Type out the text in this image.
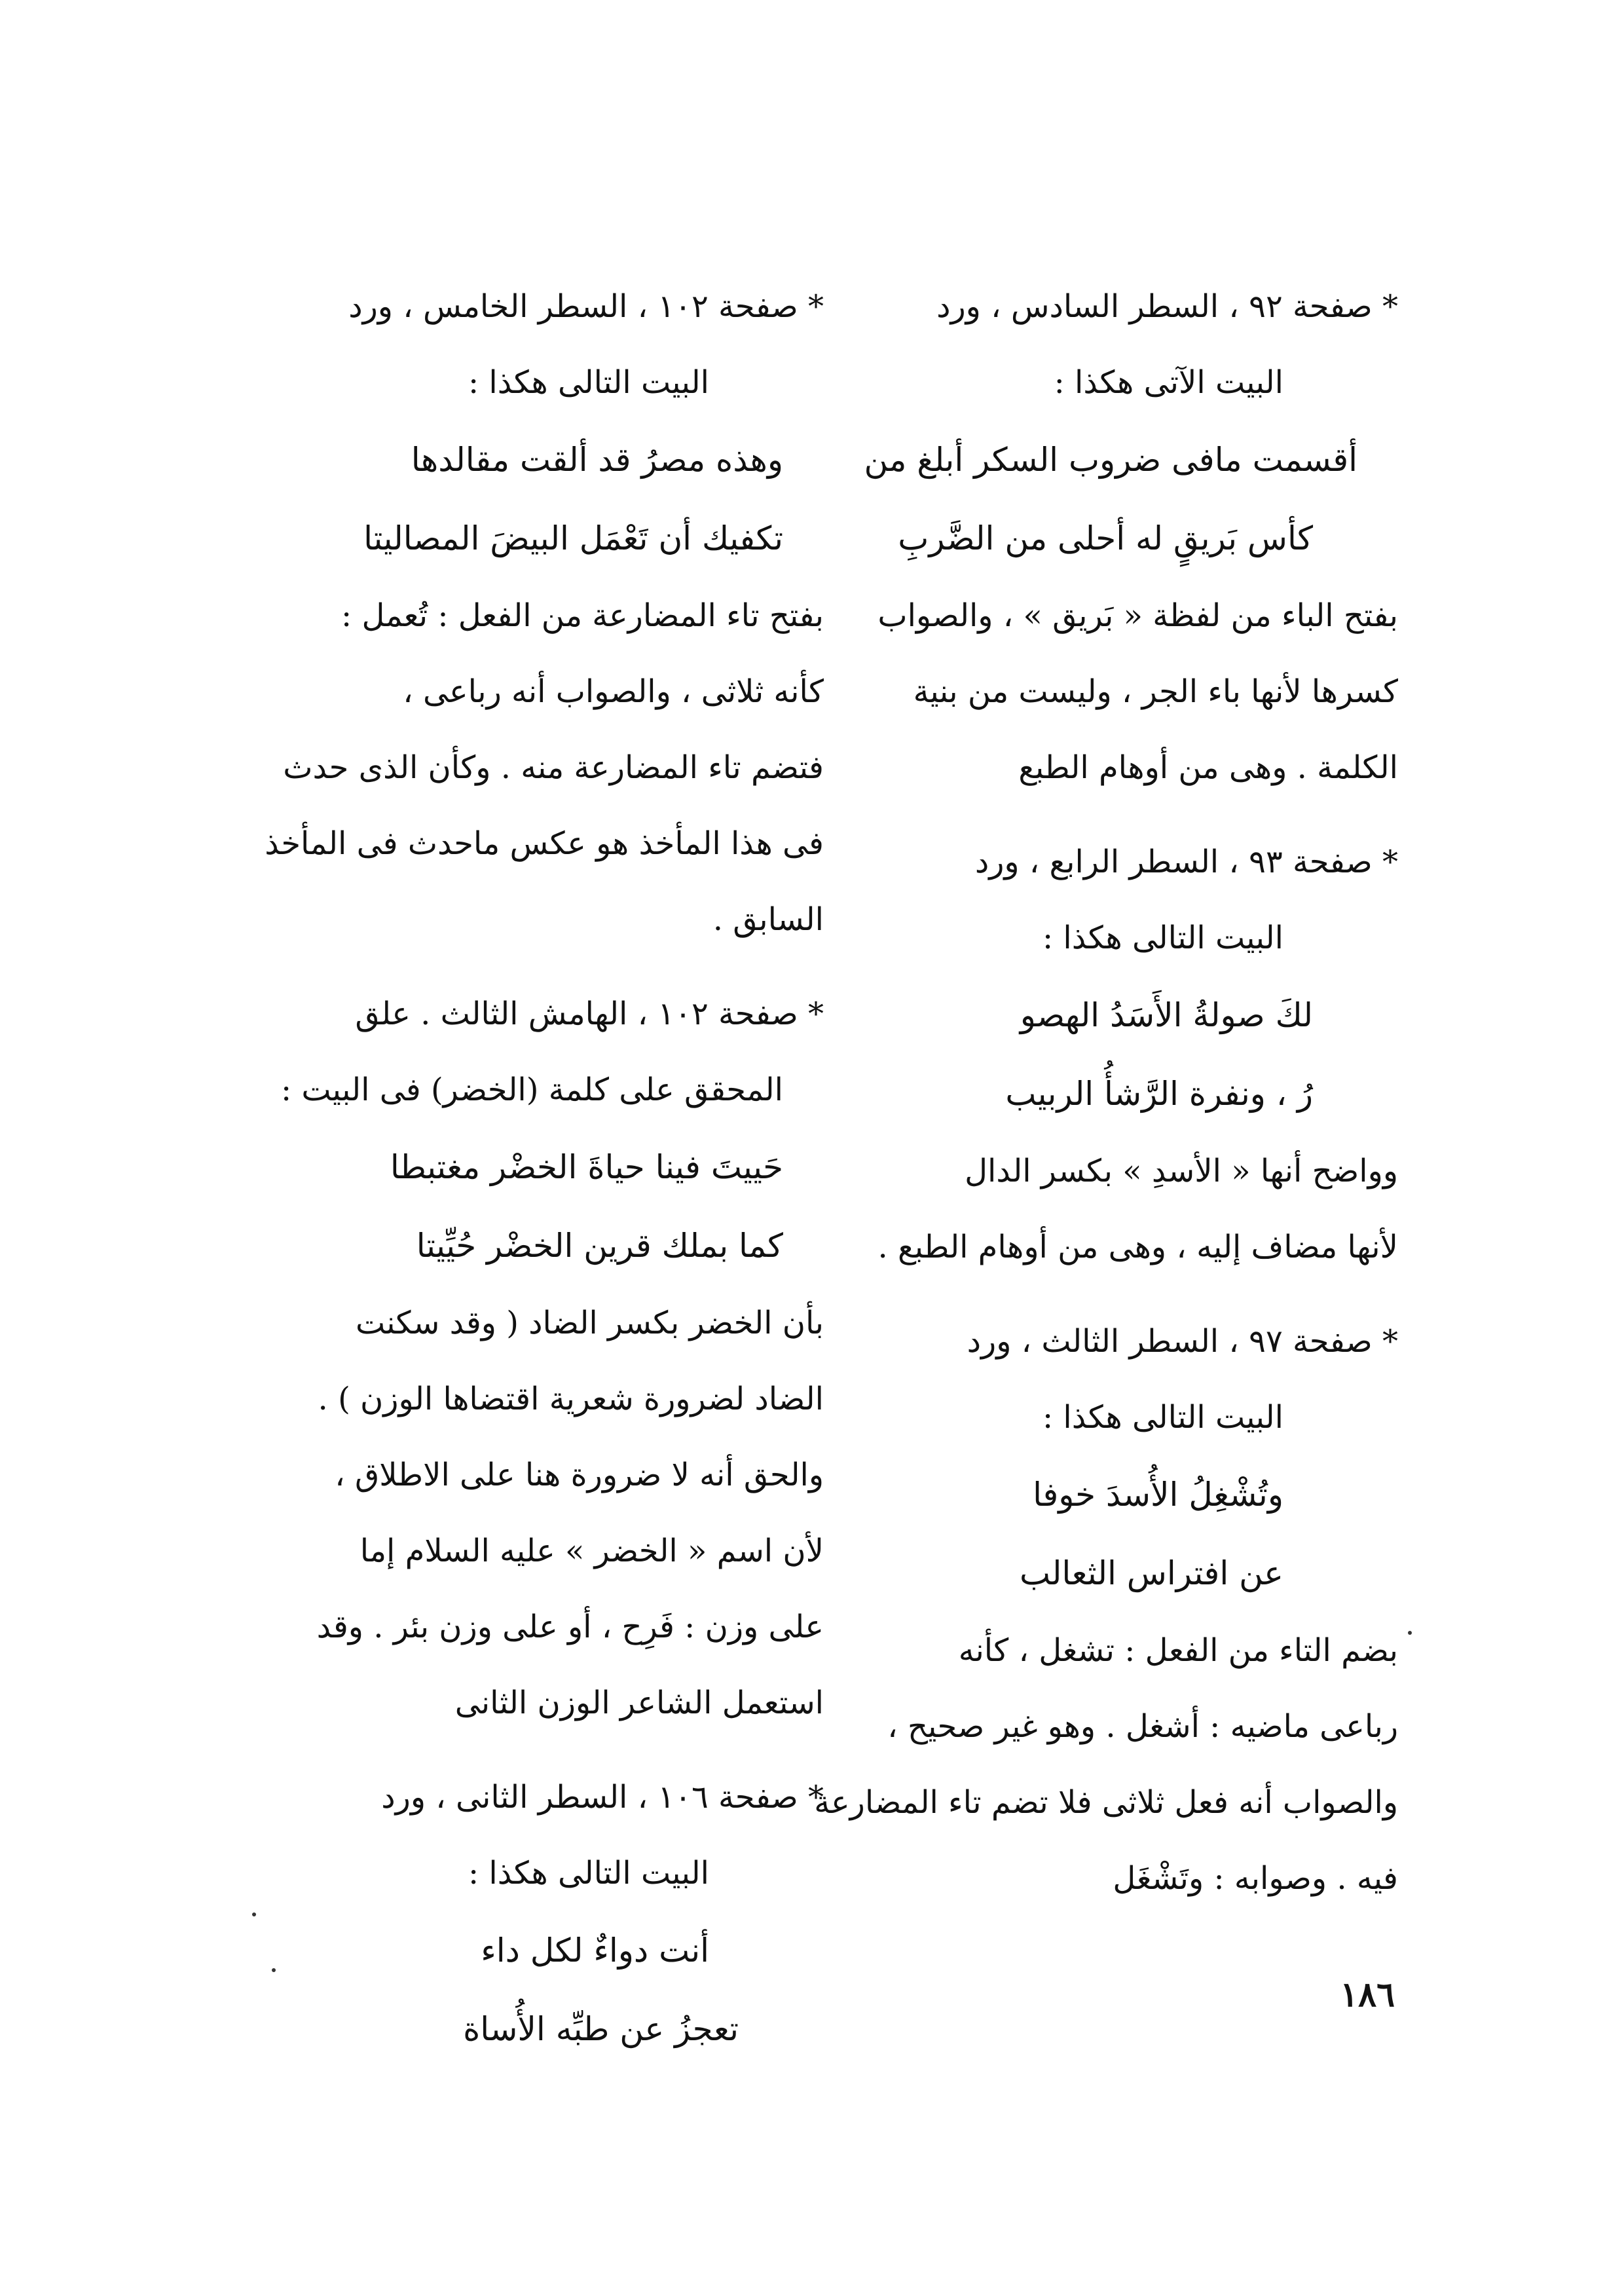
* صفحة ٩٢ ، السطر السادس ، ورد
البيت الآتى هكذا :
أقسمت مافى ضروب السكر أبلغ من
كأس بَريقٍ له أحلى من الضَّربِ
بفتح الباء من لفظة « بَريق » ، والصواب
كسرها لأنها باء الجر ، وليست من بنية
الكلمة . وهى من أوهام الطبع
* صفحة ٩٣ ، السطر الرابع ، ورد
البيت التالى هكذا :
لكَ صولةُ الأَسَدُ الهصو
رُ ، ونفرة الرَّشأُ الربيب
وواضح أنها « الأسدِ » بكسر الدال
لأنها مضاف إليه ، وهى من أوهام الطبع .
* صفحة ٩٧ ، السطر الثالث ، ورد
البيت التالى هكذا :
وتُشْغِلُ الأُسدَ خوفا
عن افتراس الثعالب
بضم التاء من الفعل : تشغل ، كأنه
رباعى ماضيه : أشغل . وهو غير صحيح ،
والصواب أنه فعل ثلاثى فلا تضم تاء المضارعة
فيه . وصوابه : وتَشْغَل
* صفحة ١٠٢ ، السطر الخامس ، ورد
البيت التالى هكذا :
وهذه مصرُ قد ألقت مقالدها
تكفيك أن تَعْمَل البيضَ المصاليتا
بفتح تاء المضارعة من الفعل : تُعمل :
كأنه ثلاثى ، والصواب أنه رباعى ،
فتضم تاء المضارعة منه . وكأن الذى حدث
فى هذا المأخذ هو عكس ماحدث فى المأخذ
السابق .
* صفحة ١٠٢ ، الهامش الثالث . علق
المحقق على كلمة (الخضر) فى البيت :
حَييتَ فينا حياةَ الخضْر مغتبطا
كما بملك قرين الخضْر حُيِّيتا
بأن الخضر بكسر الضاد ( وقد سكنت
الضاد لضرورة شعرية اقتضاها الوزن ) .
والحق أنه لا ضرورة هنا على الاطلاق ،
لأن اسم « الخضر » عليه السلام إما
على وزن : فَرِح ، أو على وزن بئر . وقد
استعمل الشاعر الوزن الثانى
* صفحة ١٠٦ ، السطر الثانى ، ورد
البيت التالى هكذا :
أنت دواءٌ لكل داء
تعجزُ عن طبِّه الأُساة
١٨٦
